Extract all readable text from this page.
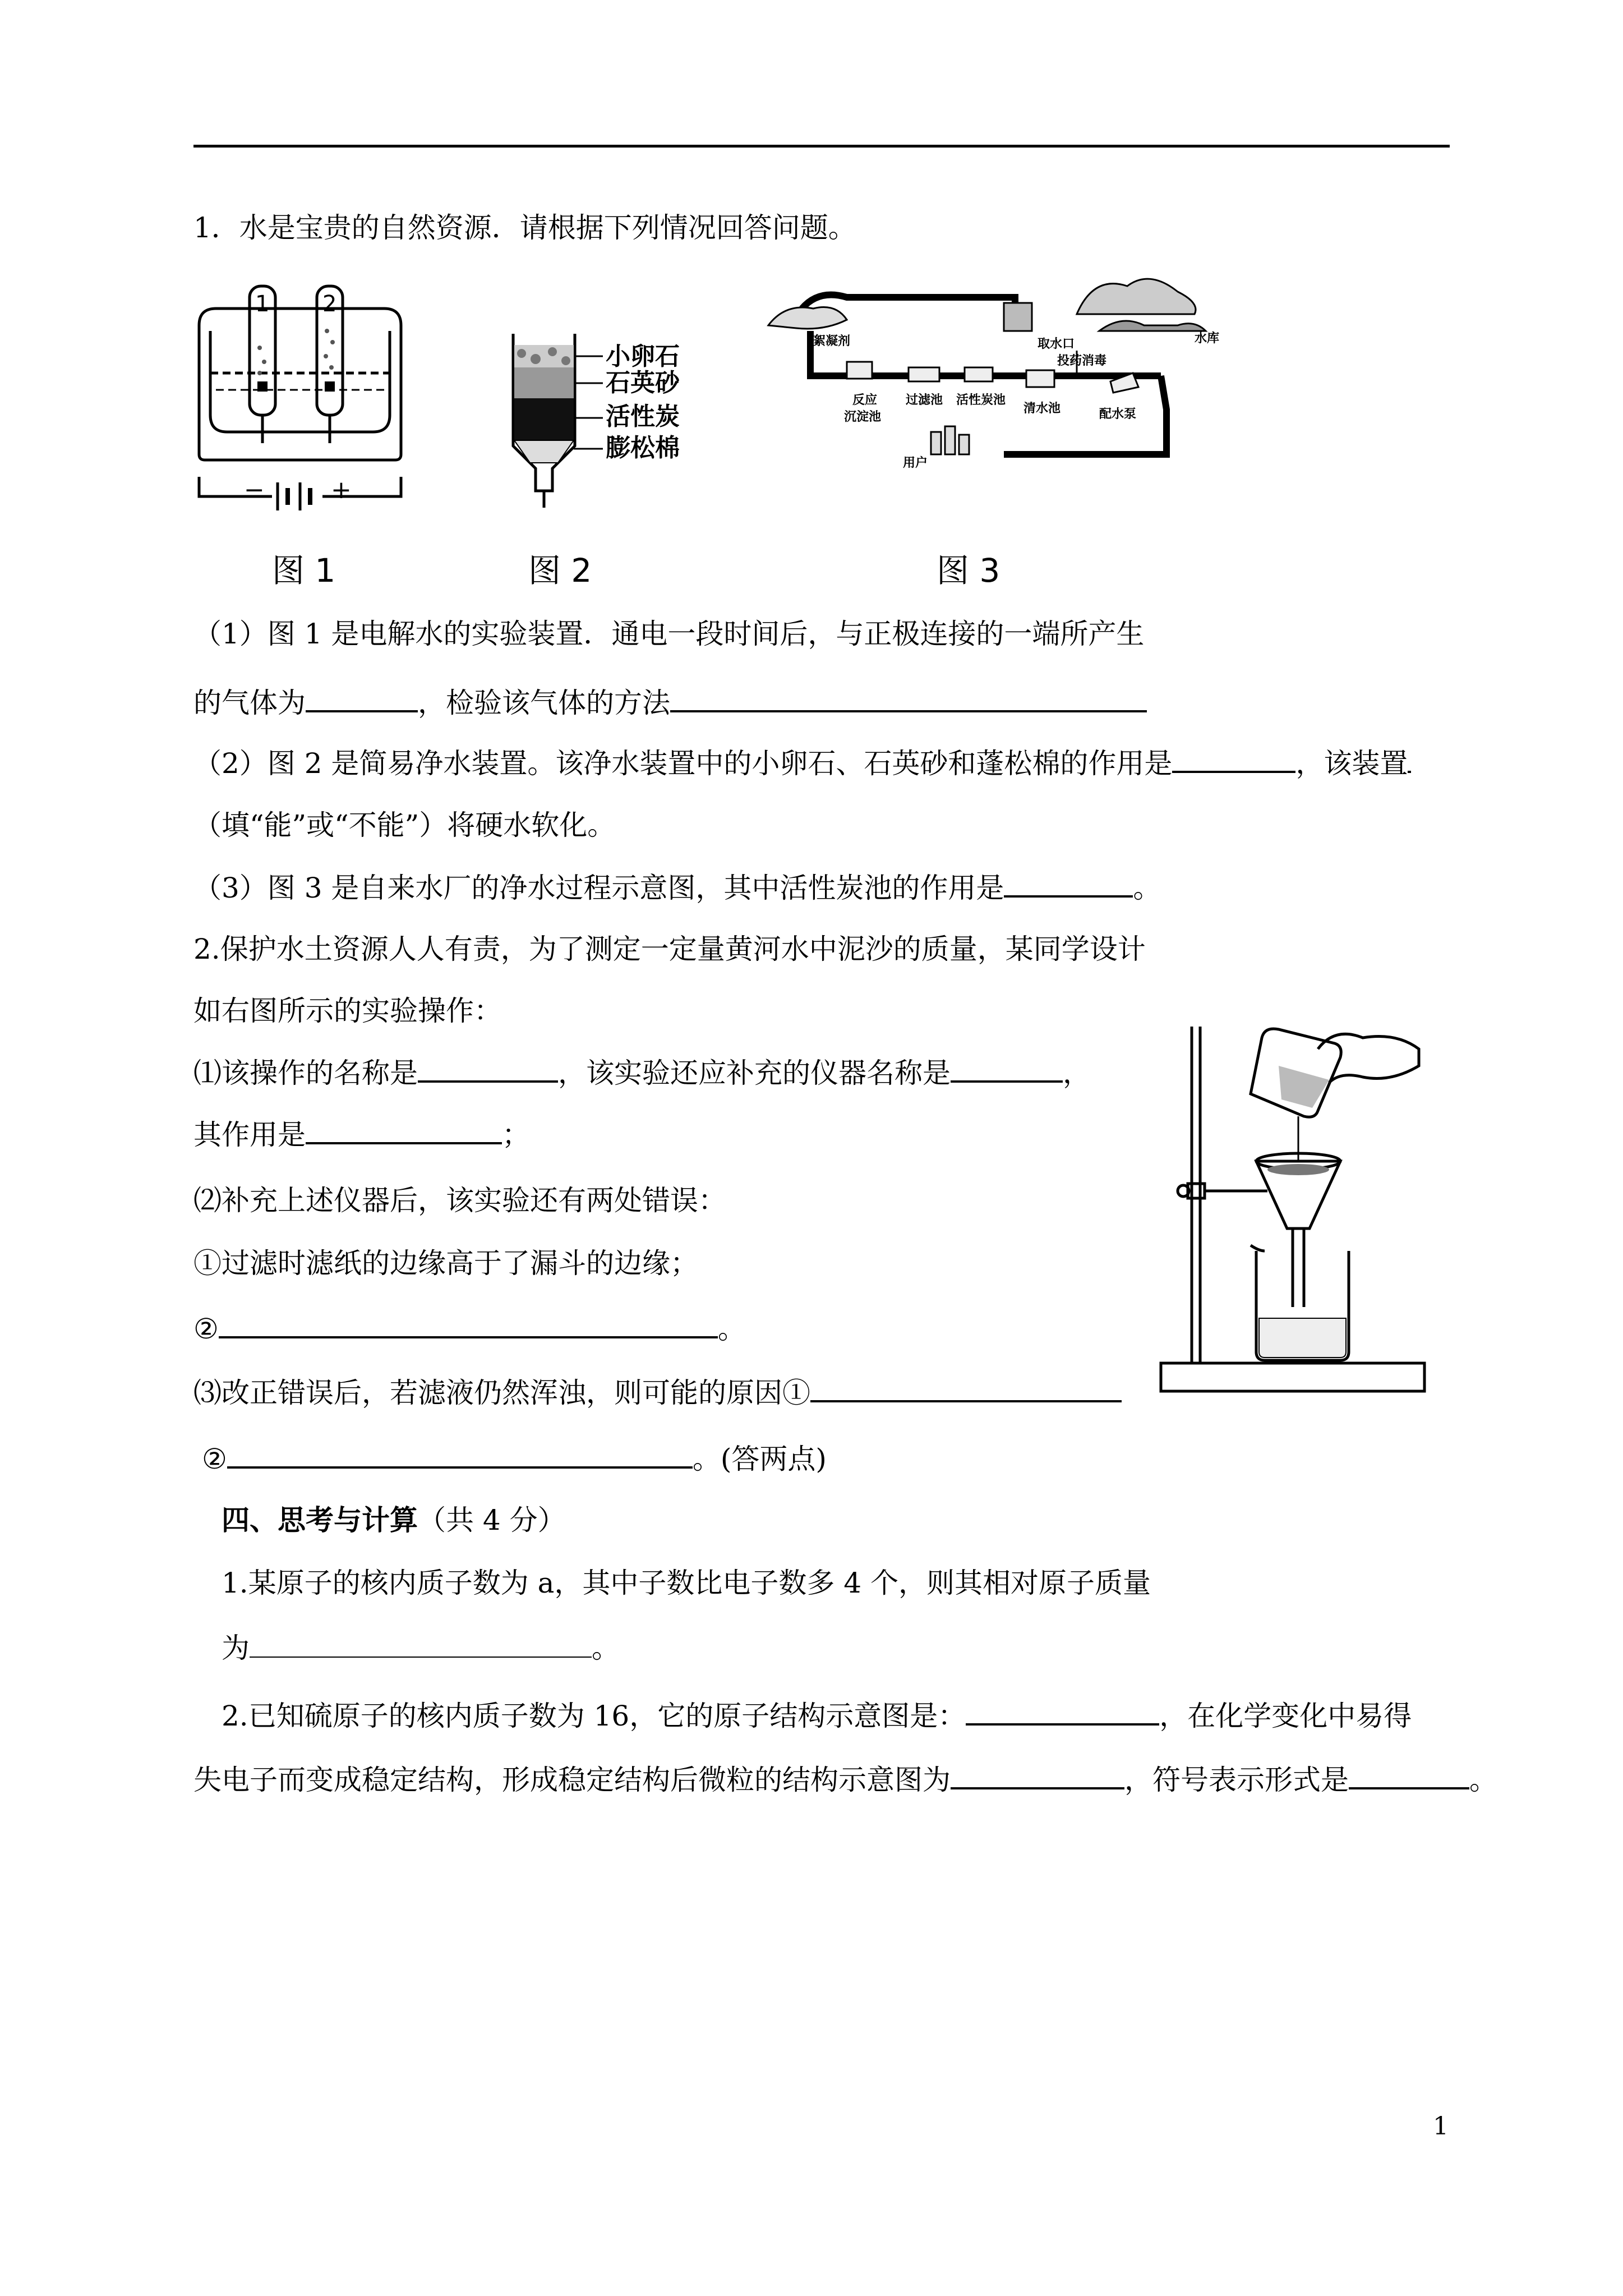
1．水是宝贵的自然资源．请根据下列情况回答问题。
1 2
−	+
图 1
小卵石
石英砂
活性炭
膨松棉
图 2
絮凝剂	取水口	水库
反应
沉淀池
过滤池 活性炭池
投药消毒
清水池	配水泵
用户
图 3
（1）图 1 是电解水的实验装置．通电一段时间后，与正极连接的一端所产生
的气体为	，检验该气体的方法
（2）图 2 是简易净水装置。该净水装置中的小卵石、石英砂和蓬松棉的作用是	，该装置
（填“能”或“不能”）将硬水软化。
（3）图 3 是自来水厂的净水过程示意图，其中活性炭池的作用是	。
2.保护水土资源人人有责，为了测定一定量黄河水中泥沙的质量，某同学设计
如右图所示的实验操作：
⑴该操作的名称是	，该实验还应补充的仪器名称是	，
其作用是	；
⑵补充上述仪器后，该实验还有两处错误：
①过滤时滤纸的边缘高于了漏斗的边缘；
②	。
⑶改正错误后，若滤液仍然浑浊，则可能的原因①
②	。(答两点)
四、思考与计算（共 4 分）
1.某原子的核内质子数为 a，其中子数比电子数多 4 个，则其相对原子质量
为	。
2.已知硫原子的核内质子数为 16，它的原子结构示意图是：	，在化学变化中易得
失电子而变成稳定结构，形成稳定结构后微粒的结构示意图为	，符号表示形式是	。
1
